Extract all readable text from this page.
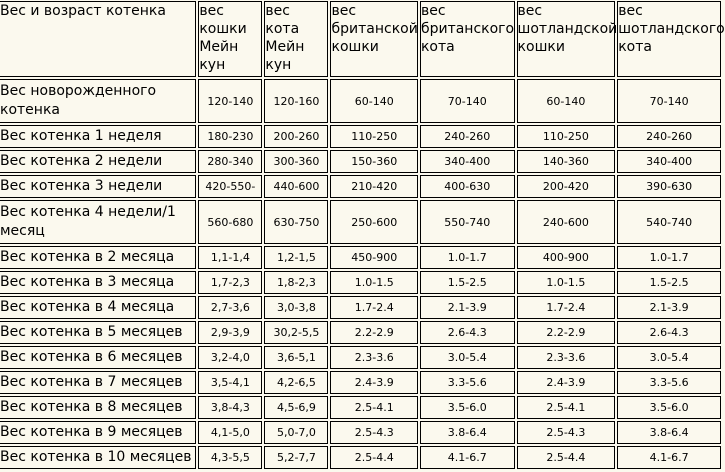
Вес и возраст котенка	вес кошки Мейн кун	вес кота Мейн кун	вес британской кошки	вес британского кота	вес шотландской кошки	вес шотландского кота
Вес новорожденного котенка	120-140	120-160	60-140	70-140	60-140	70-140
Вес котенка 1 неделя	180-230	200-260	110-250	240-260	110-250	240-260
Вес котенка 2 недели	280-340	300-360	150-360	340-400	140-360	340-400
Вес котенка 3 недели	420-550-	440-600	210-420	400-630	200-420	390-630
Вес котенка 4 недели/1 месяц	560-680	630-750	250-600	550-740	240-600	540-740
Вес котенка в 2 месяца	1,1-1,4	1,2-1,5	450-900	1.0-1.7	400-900	1.0-1.7
Вес котенка в 3 месяца	1,7-2,3	1,8-2,3	1.0-1.5	1.5-2.5	1.0-1.5	1.5-2.5
Вес котенка в 4 месяца	2,7-3,6	3,0-3,8	1.7-2.4	2.1-3.9	1.7-2.4	2.1-3.9
Вес котенка в 5 месяцев	2,9-3,9	30,2-5,5	2.2-2.9	2.6-4.3	2.2-2.9	2.6-4.3
Вес котенка в 6 месяцев	3,2-4,0	3,6-5,1	2.3-3.6	3.0-5.4	2.3-3.6	3.0-5.4
Вес котенка в 7 месяцев	3,5-4,1	4,2-6,5	2.4-3.9	3.3-5.6	2.4-3.9	3.3-5.6
Вес котенка в 8 месяцев	3,8-4,3	4,5-6,9	2.5-4.1	3.5-6.0	2.5-4.1	3.5-6.0
Вес котенка в 9 месяцев	4,1-5,0	5,0-7,0	2.5-4.3	3.8-6.4	2.5-4.3	3.8-6.4
Вес котенка в 10 месяцев	4,3-5,5	5,2-7,7	2.5-4.4	4.1-6.7	2.5-4.4	4.1-6.7
